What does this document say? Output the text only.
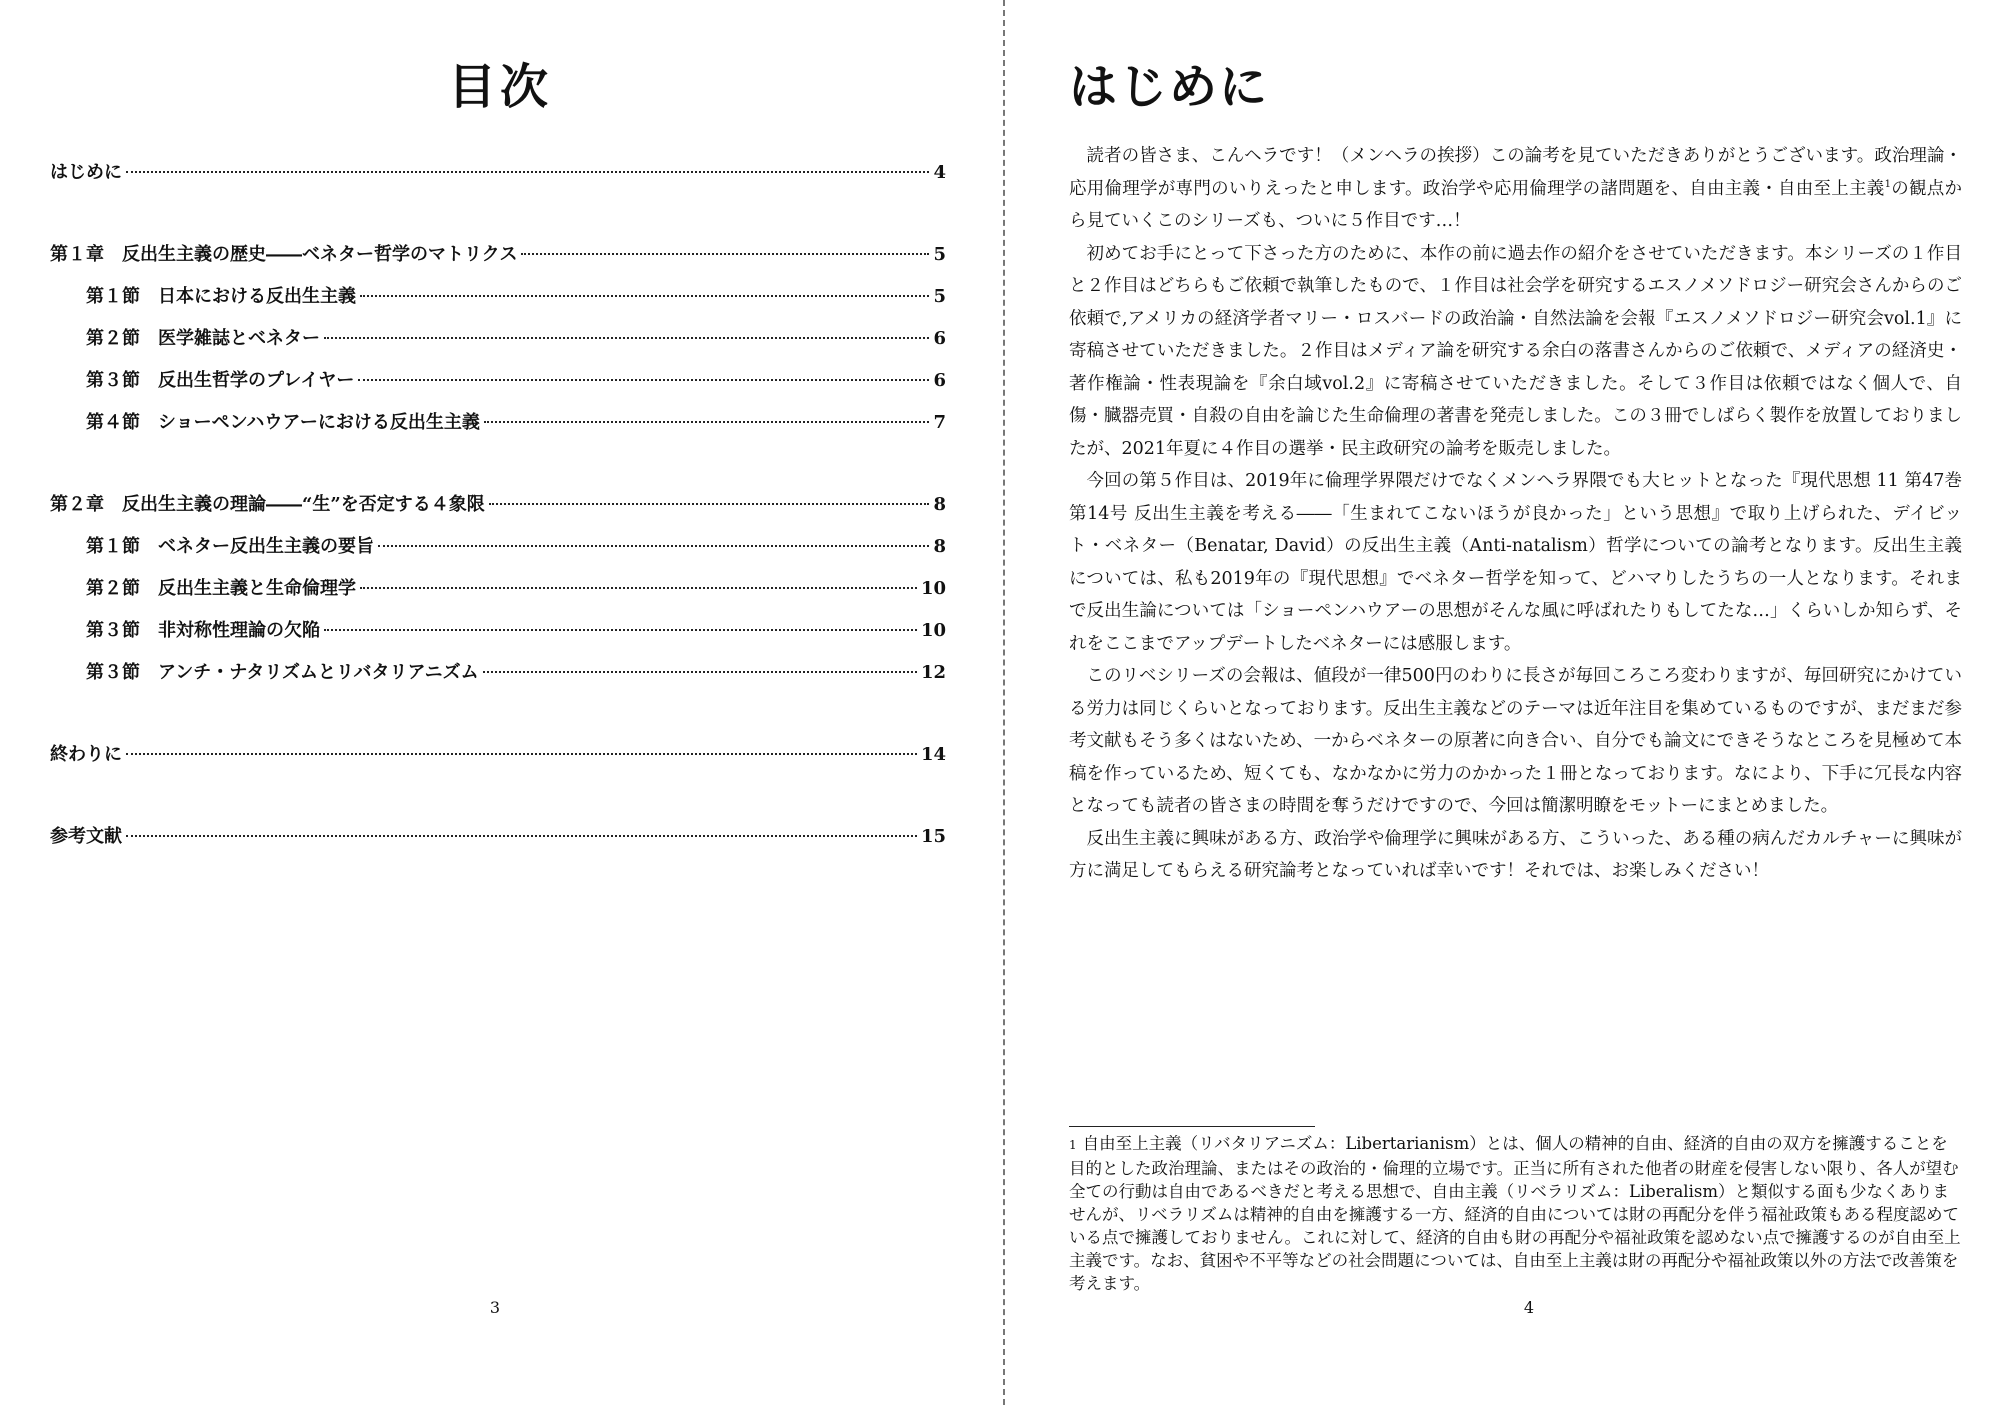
目次
はじめに	4
第１章　反出生主義の歴史――ベネター哲学のマトリクス	5
第１節　日本における反出生主義	5
第２節　医学雑誌とベネター	6
第３節　反出生哲学のプレイヤー	6
第４節　ショーペンハウアーにおける反出生主義	7
第２章　反出生主義の理論――“生”を否定する４象限	8
第１節　ベネター反出生主義の要旨	8
第２節　反出生主義と生命倫理学	10
第３節　非対称性理論の欠陥	10
第３節　アンチ・ナタリズムとリバタリアニズム	12
終わりに	14
参考文献	15
3
はじめに

読者の皆さま、こんヘラです！（メンヘラの挨拶）この論考を見ていただきありがとうございます。政治理論・応用倫理学が専門のいりえったと申します。政治学や応用倫理学の諸問題を、自由主義・自由至上主義$^1$の観点から見ていくこのシリーズも、ついに５作目です…！

初めてお手にとって下さった方のために、本作の前に過去作の紹介をさせていただきます。本シリーズの１作目と２作目はどちらもご依頼で執筆したもので、１作目は社会学を研究するエスノメソドロジー研究会さんからのご依頼で,アメリカの経済学者マリー・ロスバードの政治論・自然法論を会報『エスノメソドロジー研究会vol.1』に寄稿させていただきました。２作目はメディア論を研究する余白の落書さんからのご依頼で、メディアの経済史・著作権論・性表現論を『余白域vol.2』に寄稿させていただきました。そして３作目は依頼ではなく個人で、自傷・臓器売買・自殺の自由を論じた生命倫理の著書を発売しました。この３冊でしばらく製作を放置しておりましたが、2021年夏に４作目の選挙・民主政研究の論考を販売しました。

今回の第５作目は、2019年に倫理学界隈だけでなくメンヘラ界隈でも大ヒットとなった『現代思想 11 第47巻第14号 反出生主義を考える――「生まれてこないほうが良かった」という思想』で取り上げられた、デイビット・ベネター（Benatar, David）の反出生主義（Anti-natalism）哲学についての論考となります。反出生主義については、私も2019年の『現代思想』でベネター哲学を知って、どハマりしたうちの一人となります。それまで反出生論については「ショーペンハウアーの思想がそんな風に呼ばれたりもしてたな…」くらいしか知らず、それをここまでアップデートしたベネターには感服します。

このリベシリーズの会報は、値段が一律500円のわりに長さが毎回ころころ変わりますが、毎回研究にかけている労力は同じくらいとなっております。反出生主義などのテーマは近年注目を集めているものですが、まだまだ参考文献もそう多くはないため、一からベネターの原著に向き合い、自分でも論文にできそうなところを見極めて本稿を作っているため、短くても、なかなかに労力のかかった１冊となっております。なにより、下手に冗長な内容となっても読者の皆さまの時間を奪うだけですので、今回は簡潔明瞭をモットーにまとめました。

反出生主義に興味がある方、政治学や倫理学に興味がある方、こういった、ある種の病んだカルチャーに興味が方に満足してもらえる研究論考となっていれば幸いです！それでは、お楽しみください！

1 自由至上主義（リバタリアニズム：Libertarianism）とは、個人の精神的自由、経済的自由の双方を擁護することを目的とした政治理論、またはその政治的・倫理的立場です。正当に所有された他者の財産を侵害しない限り、各人が望む全ての行動は自由であるべきだと考える思想で、自由主義（リベラリズム：Liberalism）と類似する面も少なくありませんが、リベラリズムは精神的自由を擁護する一方、経済的自由については財の再配分を伴う福祉政策もある程度認めている点で擁護しておりません。これに対して、経済的自由も財の再配分や福祉政策を認めない点で擁護するのが自由至上主義です。なお、貧困や不平等などの社会問題については、自由至上主義は財の再配分や福祉政策以外の方法で改善策を考えます。

4
